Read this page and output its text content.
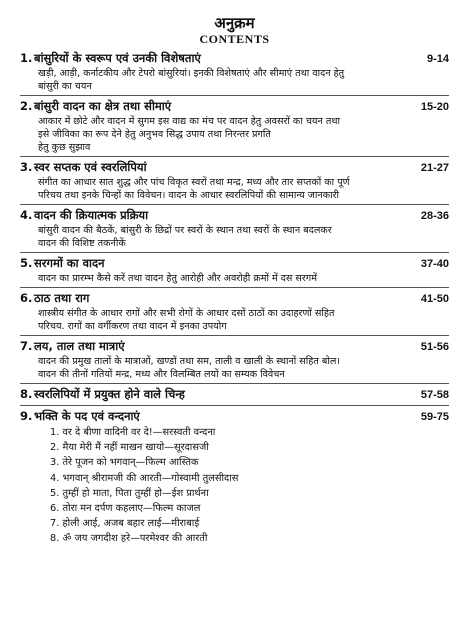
अनुक्रम
CONTENTS
1. बांसुरियों के स्वरूप एवं उनकी विशेषताएं	9-14
खड़ी, आड़ी, कर्नाटकीय और टेपरो बांसुरियां। इनकी विशेषताएं और सीमाएं तथा वादन हेतु
बांसुरी का चयन
2. बांसुरी वादन का क्षेत्र तथा सीमाएं	15-20
आकार में छोटे और वादन में सुगम इस वाद्य का मंच पर वादन हेतु अवसरों का चयन तथा
इसे जीविका का रूप देने हेतु अनुभव सिद्ध उपाय तथा निरन्तर प्रगति
हेतु कुछ सुझाव
3. स्वर सप्तक एवं स्वरलिपियां	21-27
संगीत का आधार सात शुद्ध और पांच विकृत स्वरों तथा मन्द्र, मध्य और तार सप्तकों का पूर्ण
परिचय तथा इनके चिन्हों का विवेचन। वादन के आधार स्वरलिपियों की सामान्य जानकारी
4. वादन की क्रियात्मक प्रक्रिया	28-36
बांसुरी वादन की बैठकें, बांसुरी के छिद्रों पर स्वरों के स्थान तथा स्वरों के स्थान बदलकर
वादन की विशिष्ट तकनीकें
5. सरगमों का वादन	37-40
वादन का प्रारम्भ कैसे करें तथा वादन हेतु आरोही और अवरोही क्रमों में दस सरगमें
6. ठाठ तथा राग	41-50
शास्त्रीय संगीत के आधार रागों और सभी रोगों के आधार दसों ठाठों का उदाहरणों सहित
परिचय. रागों का वर्गीकरण तथा वादन में इनका उपयोग
7. लय, ताल तथा मात्राएं	51-56
वादन की प्रमुख तालों के मात्राओं, खण्डों तथा सम, ताली व खाली के स्थानों सहित बोल।
वादन की तीनों गतियों मन्द्र, मध्य और विलम्बित लयों का सम्यक विवेचन
8. स्वरलिपियों में प्रयुक्त होने वाले चिन्ह	57-58
9. भक्ति के पद एवं वन्दनाएं	59-75
1. वर दे बीणा वादिनी वर दे!—सरस्वती वन्दना
2. मैया मेरी मैं नहीं माखन खायो—सूरदासजी
3. तेरे पूजन को भगवान्—फिल्म आस्तिक
4. भगवान् श्रीरामजी की आरती—गोस्वामी तुलसीदास
5. तुम्हीं हो माता, पिता तुम्हीं हो—ईश प्रार्थना
6. तोरा मन दर्पण कहलाए—फिल्म काजल
7. होली आई, अजब बहार लाई—मीराबाई
8. ॐ जय जगदीश हरे—परमेश्वर की आरती
